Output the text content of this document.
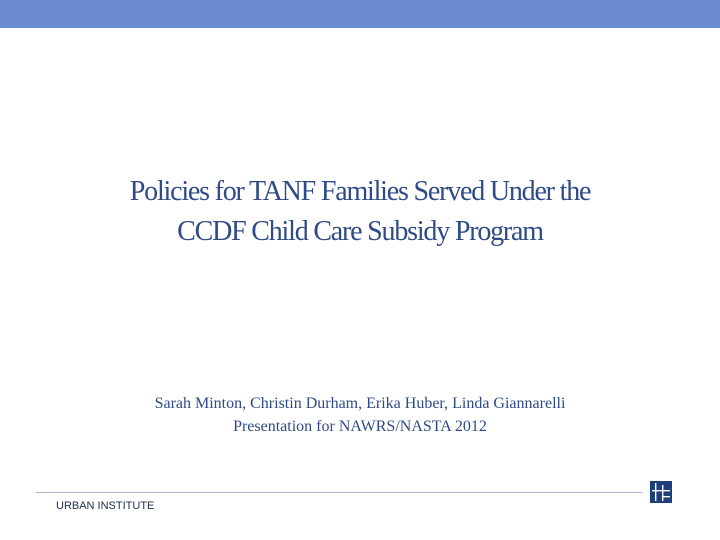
Policies for TANF Families Served Under the
CCDF Child Care Subsidy Program
Sarah Minton, Christin Durham, Erika Huber, Linda Giannarelli
Presentation for NAWRS/NASTA 2012
URBAN INSTITUTE
